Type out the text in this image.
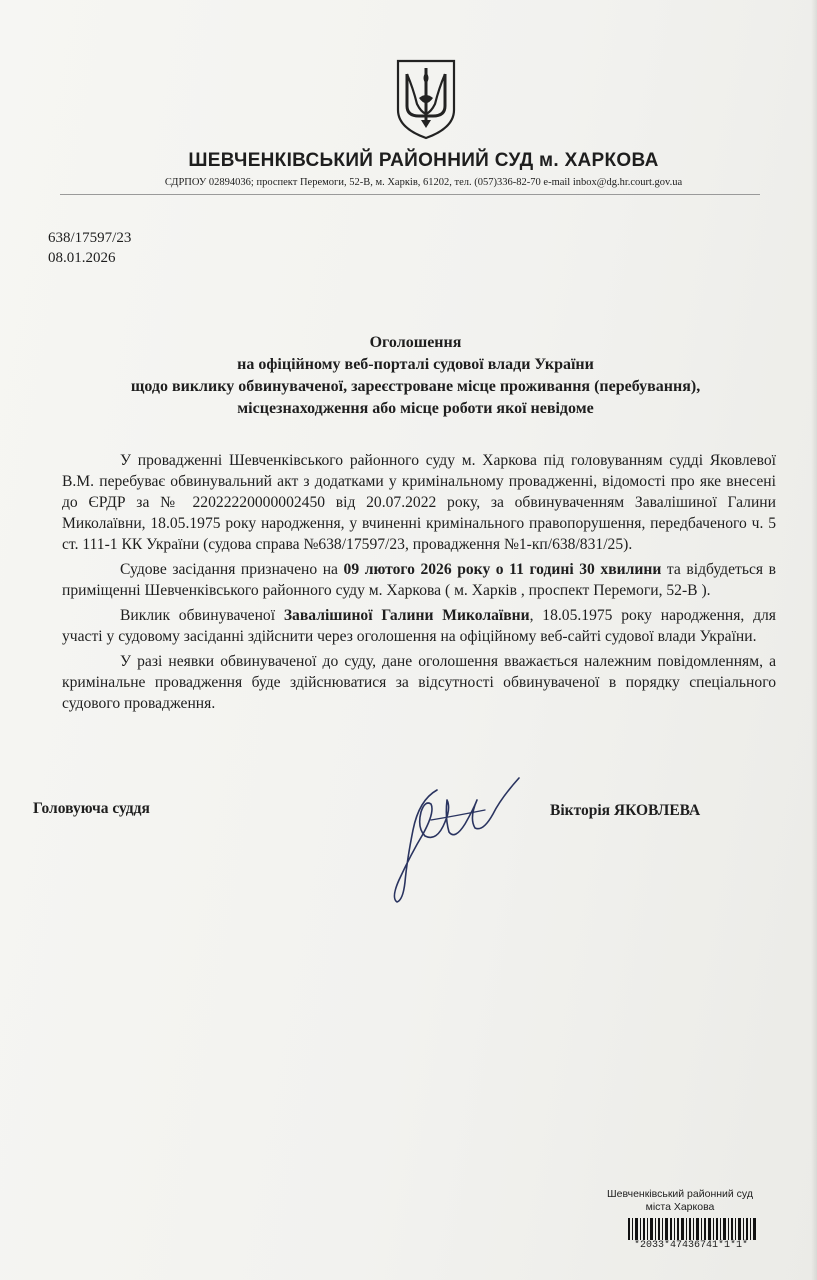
ШЕВЧЕНКІВСЬКИЙ РАЙОННИЙ СУД м. ХАРКОВА
СДРПОУ 02894036; проспект Перемоги, 52-В, м. Харків, 61202, тел. (057)336-82-70 e-mail inbox@dg.hr.court.gov.ua
638/17597/23
08.01.2026
Оголошення
на офіційному веб-порталі судової влади України
щодо виклику обвинуваченої, зареєстроване місце проживання (перебування),
місцезнаходження або місце роботи якої невідоме

У провадженні Шевченківського районного суду м. Харкова під головуванням судді Яковлевої В.М. перебуває обвинувальний акт з додатками у кримінальному провадженні, відомості про яке внесені до ЄРДР за № 22022220000002450 від 20.07.2022 року, за обвинуваченням Завалішиної Галини Миколаївни, 18.05.1975 року народження, у вчиненні кримінального правопорушення, передбаченого ч. 5 ст. 111-1 КК України (судова справа №638/17597/23, провадження №1-кп/638/831/25).

Судове засідання призначено на 09 лютого 2026 року о 11 годині 30 хвилини та відбудеться в приміщенні Шевченківського районного суду м. Харкова ( м. Харків , проспект Перемоги, 52-В ).

Виклик обвинуваченої Завалішиної Галини Миколаївни, 18.05.1975 року народження, для участі у судовому засіданні здійснити через оголошення на офіційному веб-сайті судової влади України.

У разі неявки обвинуваченої до суду, дане оголошення вважається належним повідомленням, а кримінальне провадження буде здійснюватися за відсутності обвинуваченої в порядку спеціального судового провадження.

Головуюча суддя	Вікторія ЯКОВЛЕВА
Шевченківський районний суд
міста Харкова
*2033*47436741*1*1*
